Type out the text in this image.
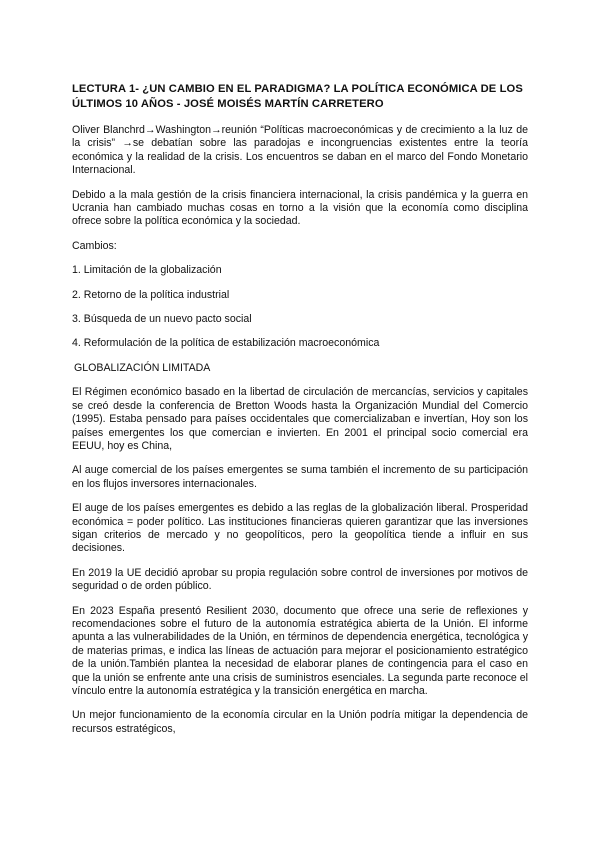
LECTURA 1- ¿UN CAMBIO EN EL PARADIGMA? LA POLÍTICA ECONÓMICA DE LOS ÚLTIMOS 10 AÑOS - JOSÉ MOISÉS MARTÍN CARRETERO
Oliver Blanchrd→Washington→reunión “Políticas macroeconómicas y de crecimiento a la luz de la crisis” →se debatían sobre las paradojas e incongruencias existentes entre la teoría económica y la realidad de la crisis. Los encuentros se daban en el marco del Fondo Monetario Internacional.
Debido a la mala gestión de la crisis financiera internacional, la crisis pandémica y la guerra en Ucrania han cambiado muchas cosas en torno a la visión que la economía como disciplina ofrece sobre la política económica y la sociedad.
Cambios:
1. Limitación de la globalización
2. Retorno de la política industrial
3. Búsqueda de un nuevo pacto social
4. Reformulación de la política de estabilización macroeconómica
GLOBALIZACIÓN LIMITADA
El Régimen económico basado en la libertad de circulación de mercancías, servicios y capitales se creó desde la conferencia de Bretton Woods hasta la Organización Mundial del Comercio (1995). Estaba pensado para países occidentales que comercializaban e invertían, Hoy son los países emergentes los que comercian e invierten. En 2001 el principal socio comercial era EEUU, hoy es China,
Al auge comercial de los países emergentes se suma también el incremento de su participación en los flujos inversores internacionales.
El auge de los países emergentes es debido a las reglas de la globalización liberal. Prosperidad económica = poder político. Las instituciones financieras quieren garantizar que las inversiones sigan criterios de mercado y no geopolíticos, pero la geopolítica tiende a influir en sus decisiones.
En 2019 la UE decidió aprobar su propia regulación sobre control de inversiones por motivos de seguridad o de orden público.
En 2023 España presentó Resilient 2030, documento que ofrece una serie de reflexiones y recomendaciones sobre el futuro de la autonomía estratégica abierta de la Unión. El informe apunta a las vulnerabilidades de la Unión, en términos de dependencia energética, tecnológica y de materias primas, e indica las líneas de actuación para mejorar el posicionamiento estratégico de la unión.También plantea la necesidad de elaborar planes de contingencia para el caso en que la unión se enfrente ante una crisis de suministros esenciales. La segunda parte reconoce el vínculo entre la autonomía estratégica y la transición energética en marcha.
Un mejor funcionamiento de la economía circular en la Unión podría mitigar la dependencia de recursos estratégicos,
